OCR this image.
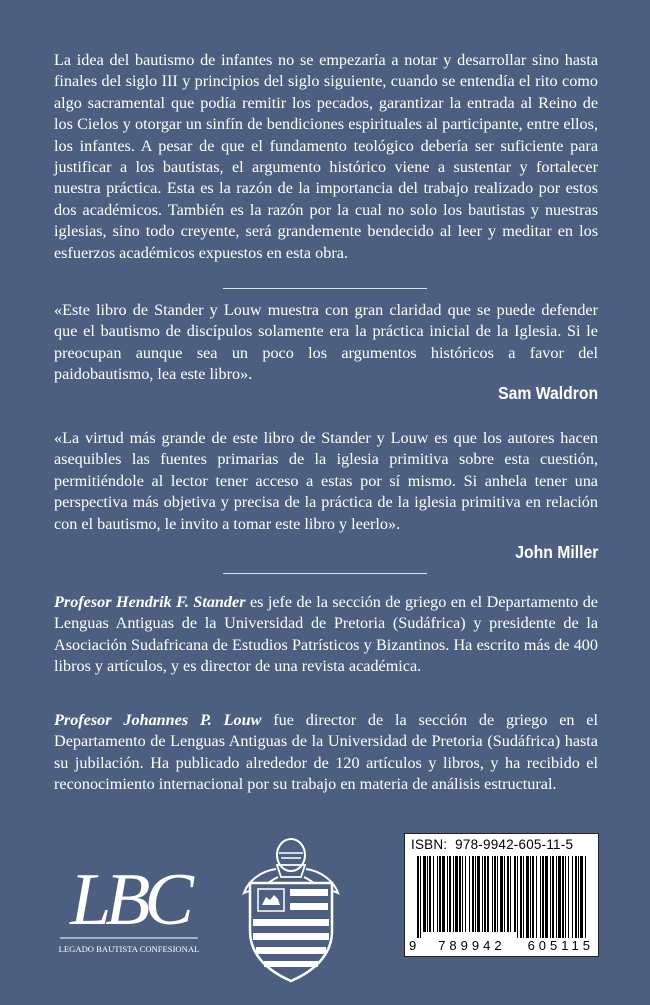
La idea del bautismo de infantes no se empezaría a notar y desarrollar sino hasta finales del siglo III y principios del siglo siguiente, cuando se entendía el rito como algo sacramental que podía remitir los pecados, garantizar la entrada al Reino de los Cielos y otorgar un sinfín de bendiciones espirituales al participante, entre ellos, los infantes. A pesar de que el fundamento teológico debería ser suficiente para justificar a los bautistas, el argumento histórico viene a sustentar y fortalecer nuestra práctica. Esta es la razón de la importancia del trabajo realizado por estos dos académicos. También es la razón por la cual no solo los bautistas y nuestras iglesias, sino todo creyente, será grandemente bendecido al leer y meditar en los esfuerzos académicos expuestos en esta obra.

«Este libro de Stander y Louw muestra con gran claridad que se puede defender que el bautismo de discípulos solamente era la práctica inicial de la Iglesia. Si le preocupan aunque sea un poco los argumentos históricos a favor del paidobautismo, lea este libro».

Sam Waldron

«La virtud más grande de este libro de Stander y Louw es que los autores hacen asequibles las fuentes primarias de la iglesia primitiva sobre esta cuestión, permitiéndole al lector tener acceso a estas por sí mismo. Si anhela tener una perspectiva más objetiva y precisa de la práctica de la iglesia primitiva en relación con el bautismo, le invito a tomar este libro y leerlo».

John Miller

Profesor Hendrik F. Stander es jefe de la sección de griego en el Departamento de Lenguas Antiguas de la Universidad de Pretoria (Sudáfrica) y presidente de la Asociación Sudafricana de Estudios Patrísticos y Bizantinos. Ha escrito más de 400 libros y artículos, y es director de una revista académica.

Profesor Johannes P. Louw fue director de la sección de griego en el Departamento de Lenguas Antiguas de la Universidad de Pretoria (Sudáfrica) hasta su jubilación. Ha publicado alrededor de 120 artículos y libros, y ha recibido el reconocimiento internacional por su trabajo en materia de análisis estructural.

LBC
LEGADO BAUTISTA CONFESIONAL
ISBN: 978-9942-605-11-5
9 789942 605115
